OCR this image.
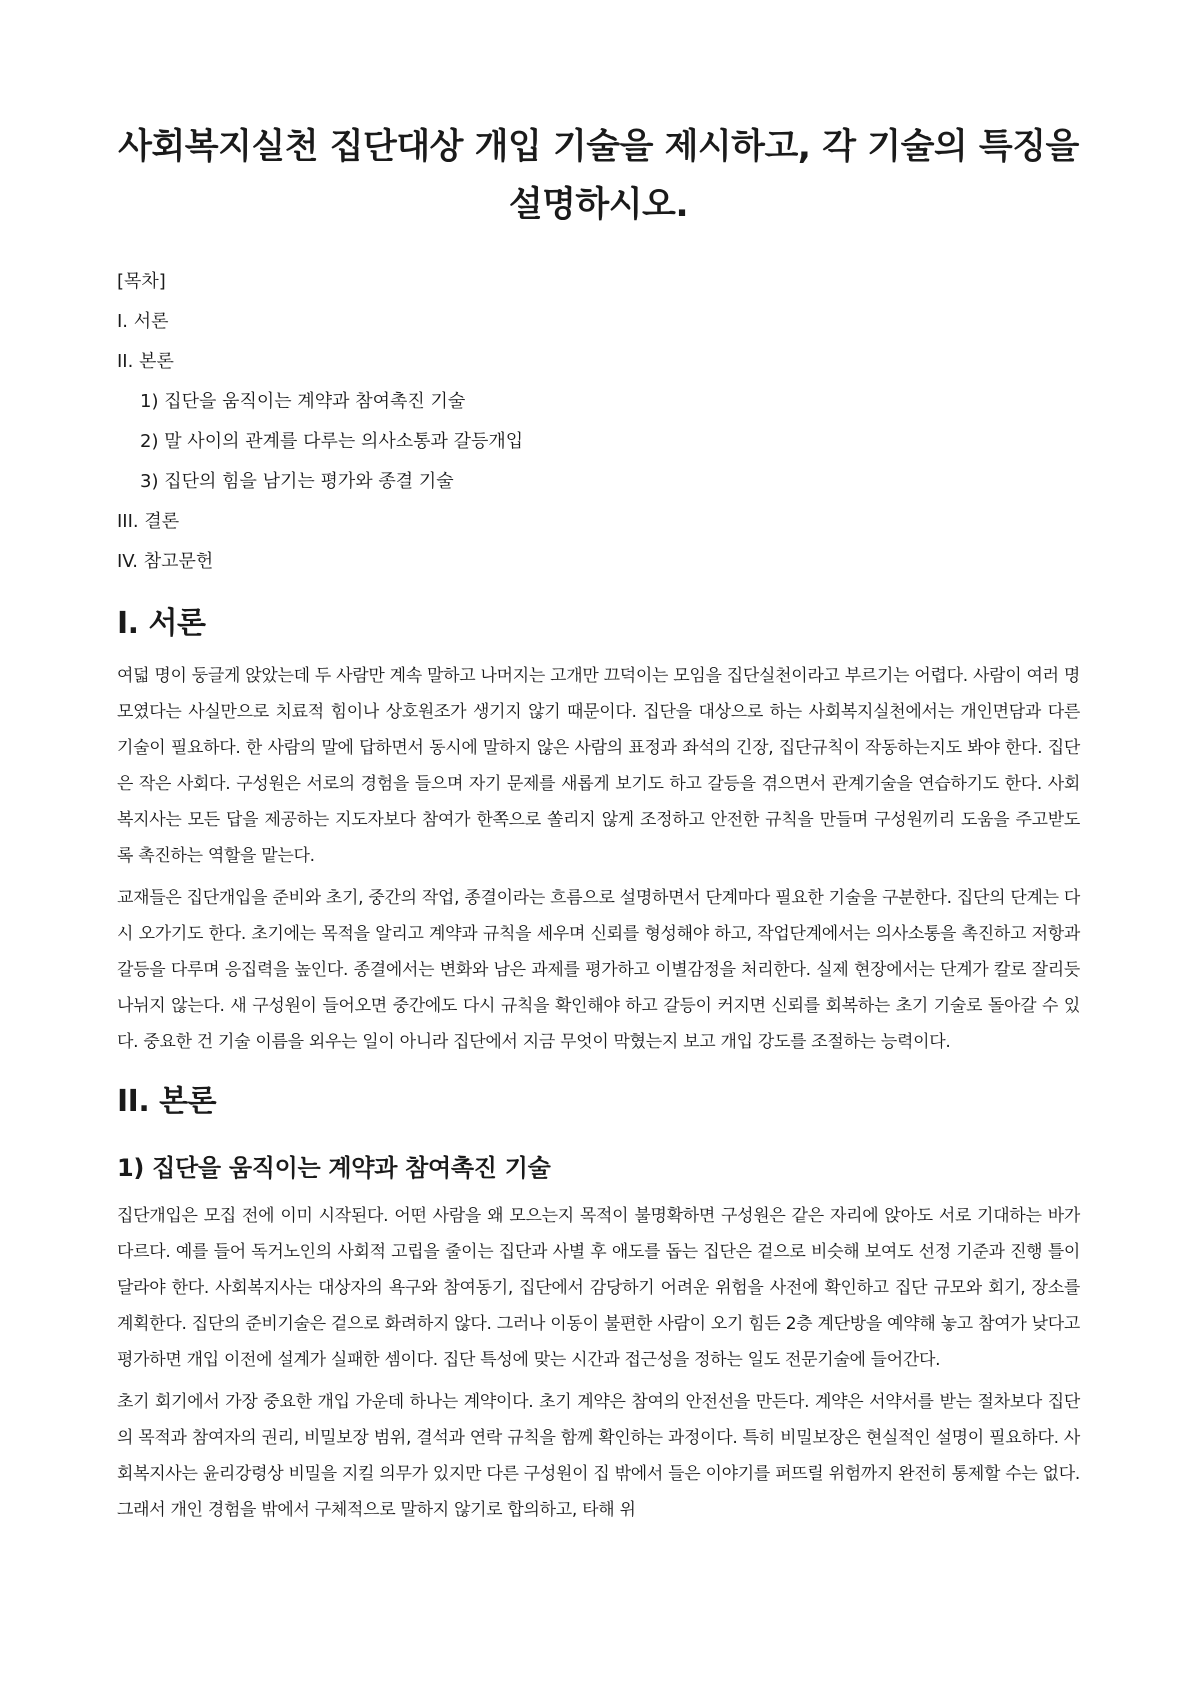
사회복지실천 집단대상 개입 기술을 제시하고, 각 기술의 특징을 설명하시오.
[목차]
I. 서론
II. 본론
1) 집단을 움직이는 계약과 참여촉진 기술
2) 말 사이의 관계를 다루는 의사소통과 갈등개입
3) 집단의 힘을 남기는 평가와 종결 기술
III. 결론
IV. 참고문헌
I. 서론

여덟 명이 둥글게 앉았는데 두 사람만 계속 말하고 나머지는 고개만 끄덕이는 모임을 집단실천이라고 부르기는 어렵다. 사람이 여러 명 모였다는 사실만으로 치료적 힘이나 상호원조가 생기지 않기 때문이다. 집단을 대상으로 하는 사회복지실천에서는 개인면담과 다른 기술이 필요하다. 한 사람의 말에 답하면서 동시에 말하지 않은 사람의 표정과 좌석의 긴장, 집단규칙이 작동하는지도 봐야 한다. 집단은 작은 사회다. 구성원은 서로의 경험을 들으며 자기 문제를 새롭게 보기도 하고 갈등을 겪으면서 관계기술을 연습하기도 한다. 사회복지사는 모든 답을 제공하는 지도자보다 참여가 한쪽으로 쏠리지 않게 조정하고 안전한 규칙을 만들며 구성원끼리 도움을 주고받도록 촉진하는 역할을 맡는다.

교재들은 집단개입을 준비와 초기, 중간의 작업, 종결이라는 흐름으로 설명하면서 단계마다 필요한 기술을 구분한다. 집단의 단계는 다시 오가기도 한다. 초기에는 목적을 알리고 계약과 규칙을 세우며 신뢰를 형성해야 하고, 작업단계에서는 의사소통을 촉진하고 저항과 갈등을 다루며 응집력을 높인다. 종결에서는 변화와 남은 과제를 평가하고 이별감정을 처리한다. 실제 현장에서는 단계가 칼로 잘리듯 나뉘지 않는다. 새 구성원이 들어오면 중간에도 다시 규칙을 확인해야 하고 갈등이 커지면 신뢰를 회복하는 초기 기술로 돌아갈 수 있다. 중요한 건 기술 이름을 외우는 일이 아니라 집단에서 지금 무엇이 막혔는지 보고 개입 강도를 조절하는 능력이다.

II. 본론
1) 집단을 움직이는 계약과 참여촉진 기술

집단개입은 모집 전에 이미 시작된다. 어떤 사람을 왜 모으는지 목적이 불명확하면 구성원은 같은 자리에 앉아도 서로 기대하는 바가 다르다. 예를 들어 독거노인의 사회적 고립을 줄이는 집단과 사별 후 애도를 돕는 집단은 겉으로 비슷해 보여도 선정 기준과 진행 틀이 달라야 한다. 사회복지사는 대상자의 욕구와 참여동기, 집단에서 감당하기 어려운 위험을 사전에 확인하고 집단 규모와 회기, 장소를 계획한다. 집단의 준비기술은 겉으로 화려하지 않다. 그러나 이동이 불편한 사람이 오기 힘든 2층 계단방을 예약해 놓고 참여가 낮다고 평가하면 개입 이전에 설계가 실패한 셈이다. 집단 특성에 맞는 시간과 접근성을 정하는 일도 전문기술에 들어간다.

초기 회기에서 가장 중요한 개입 가운데 하나는 계약이다. 초기 계약은 참여의 안전선을 만든다. 계약은 서약서를 받는 절차보다 집단의 목적과 참여자의 권리, 비밀보장 범위, 결석과 연락 규칙을 함께 확인하는 과정이다. 특히 비밀보장은 현실적인 설명이 필요하다. 사회복지사는 윤리강령상 비밀을 지킬 의무가 있지만 다른 구성원이 집 밖에서 들은 이야기를 퍼뜨릴 위험까지 완전히 통제할 수는 없다. 그래서 개인 경험을 밖에서 구체적으로 말하지 않기로 합의하고, 타해 위
